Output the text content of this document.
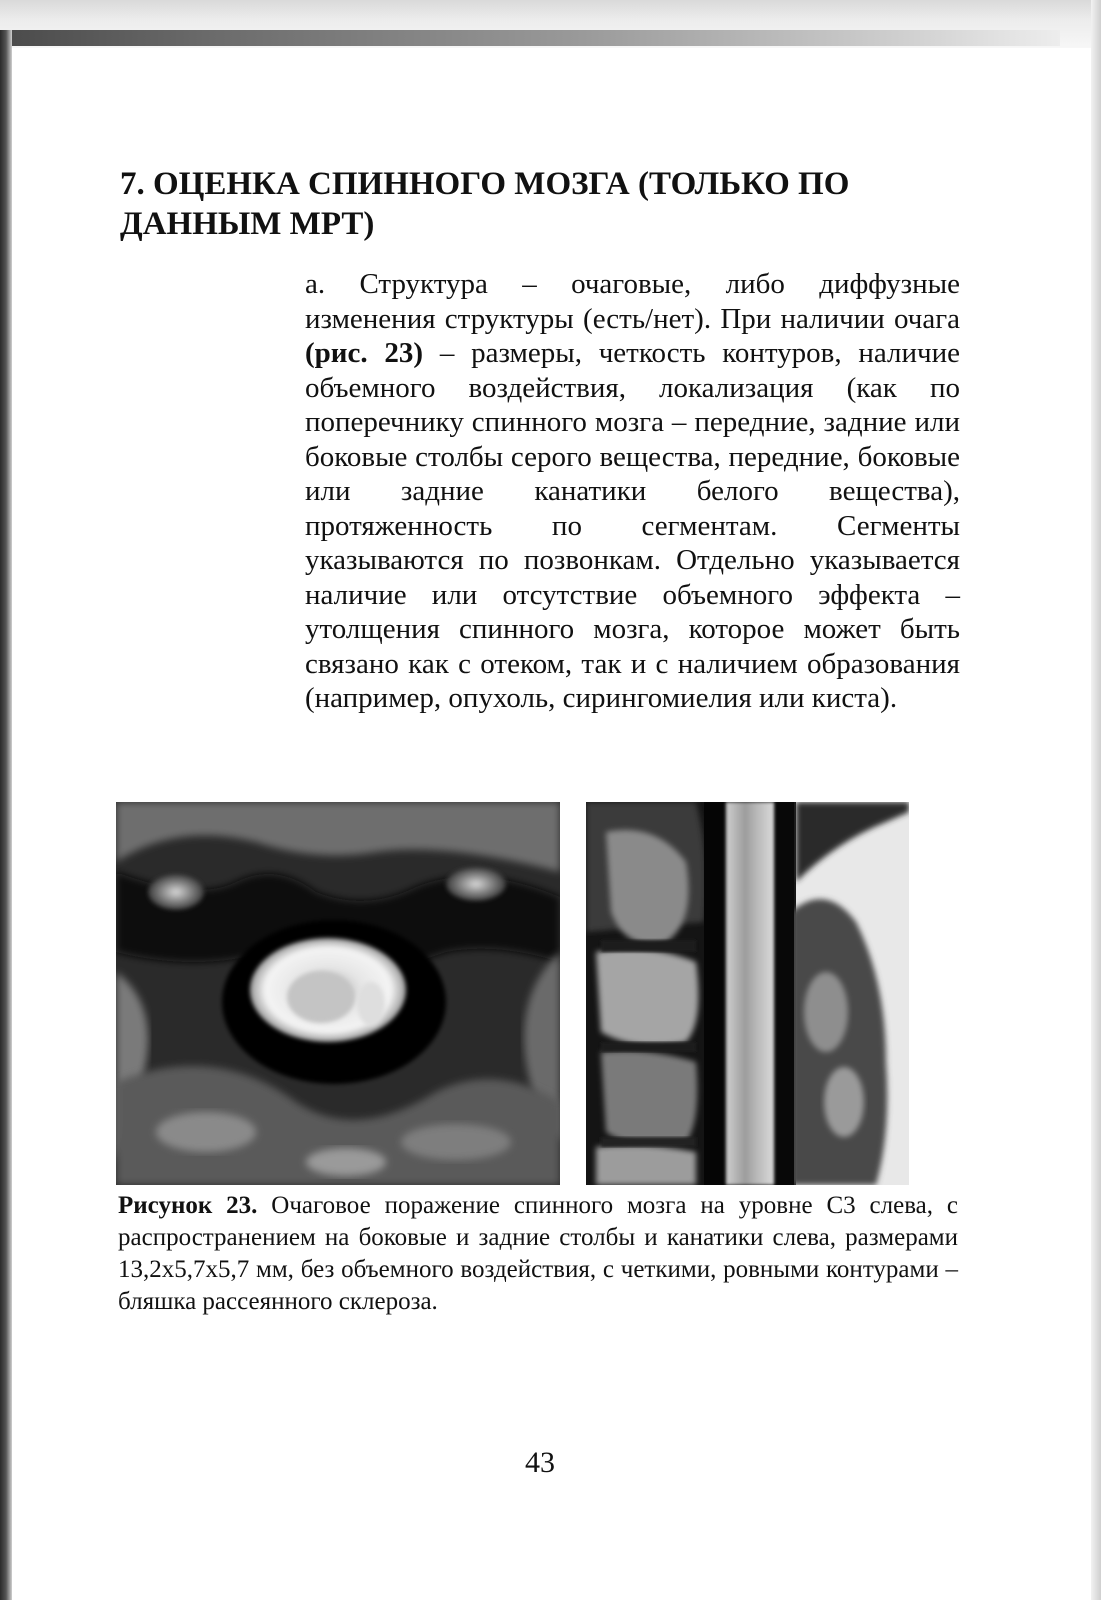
7. ОЦЕНКА СПИННОГО МОЗГА (ТОЛЬКО ПО ДАННЫМ МРТ)

а. Структура – очаговые, либо диффузные изменения структуры (есть/нет). При наличии очага (рис. 23) – размеры, четкость контуров, наличие объемного воздействия, локализация (как по поперечнику спинного мозга – передние, задние или боковые столбы серого вещества, передние, боковые или задние канатики белого вещества), протяженность по сегментам. Сегменты указываются по позвонкам. Отдельно указывается наличие или отсутствие объемного эффекта – утолщения спинного мозга, которое может быть связано как с отеком, так и с наличием образования (например, опухоль, сирингомиелия или киста).

Рисунок 23. Очаговое поражение спинного мозга на уровне С3 слева, с распространением на боковые и задние столбы и канатики слева, размерами 13,2х5,7х5,7 мм, без объемного воздействия, с четкими, ровными контурами – бляшка рассеянного склероза.

43
